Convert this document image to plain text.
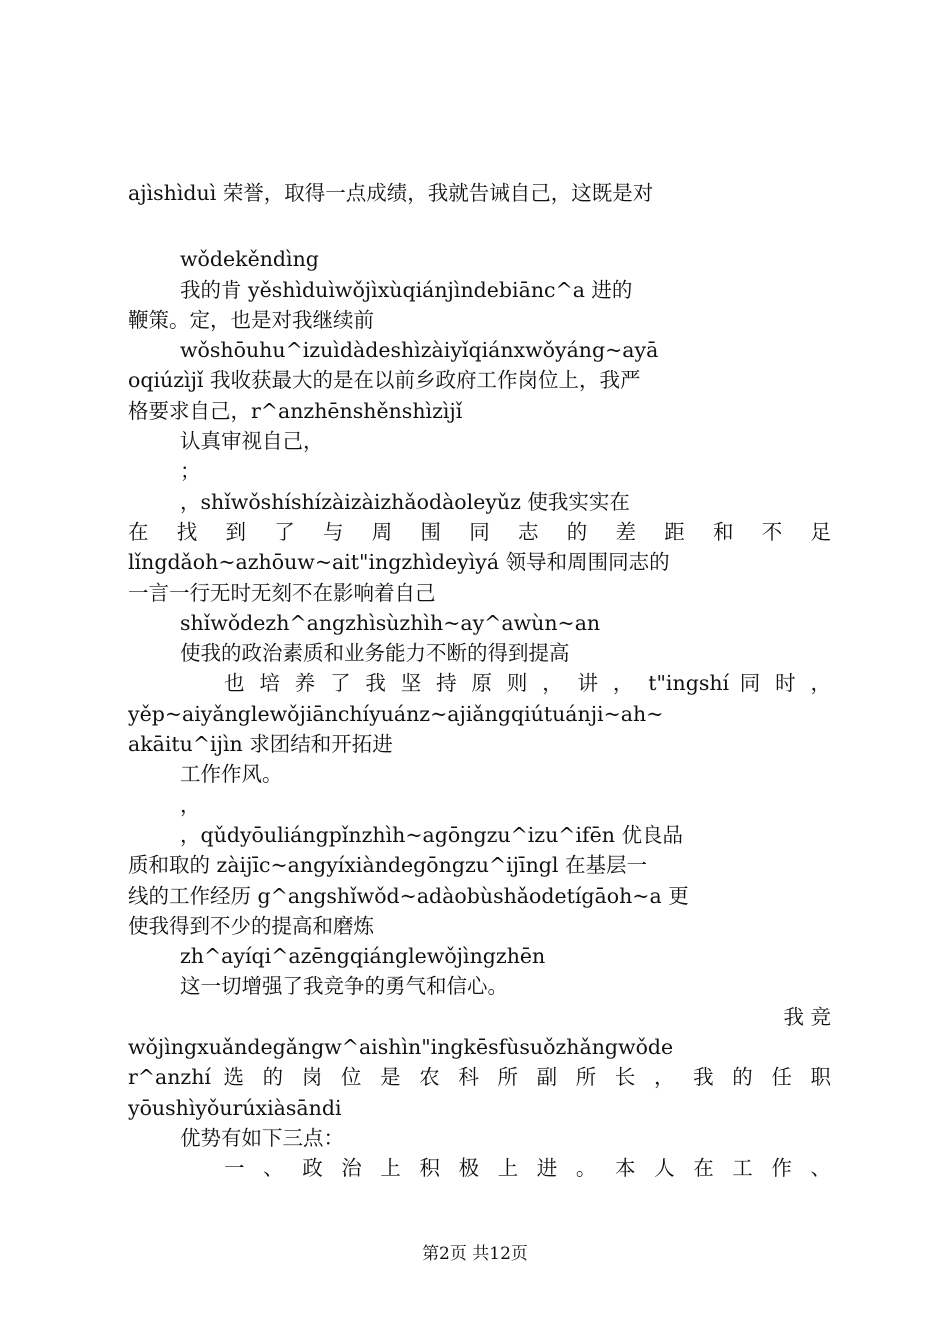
ajìshìduì 荣誉，取得一点成绩，我就告诫自己，这既是对
wǒdekěndìng
我的肯 yěshìduìwǒjìxùqiánjìndebiānc^a 进的
鞭策。定，也是对我继续前
wǒshōuhu^izuìdàdeshìzàiyǐqiánxwǒyáng~ayā
oqiúzìjǐ 我收获最大的是在以前乡政府工作岗位上，我严
格要求自己，r^anzhēnshěnshìzìjǐ
认真审视自己，
；
，shǐwǒshíshízàizàizhǎodàoleyǔz 使我实实在
在 找 到 了 与 周 围 同 志 的 差 距 和 不 足
lǐngdǎoh~azhōuw~ait"ingzhìdeyìyá 领导和周围同志的
一言一行无时无刻不在影响着自己
shǐwǒdezh^angzhìsùzhìh~ay^awùn~an
使我的政治素质和业务能力不断的得到提高
也 培 养 了 我 坚 持 原 则 ， 讲 ， t"ingshí 同 时 ，
yěp~aiyǎnglewǒjiānchíyuánz~ajiǎngqiútuánji~ah~
akāitu^ijìn 求团结和开拓进
工作作风。
，
，qǔdyōuliángpǐnzhìh~agōngzu^izu^ifēn 优良品
质和取的 zàijīc~angyíxiàndegōngzu^ijīngl 在基层一
线的工作经历 g^angshǐwǒd~adàobùshǎodetígāoh~a 更
使我得到不少的提高和磨炼
zh^ayíqi^azēngqiánglewǒjìngzhēn
这一切增强了我竞争的勇气和信心。
我 竞
wǒjìngxuǎndegǎngw^aishìn"ingkēsfùsuǒzhǎngwǒde
r^anzhí 选 的 岗 位 是 农 科 所 副 所 长 ， 我 的 任 职
yōushìyǒurúxiàsāndi
优势有如下三点：
一 、 政 治 上 积 极 上 进 。 本 人 在 工 作 、
第2页 共12页
